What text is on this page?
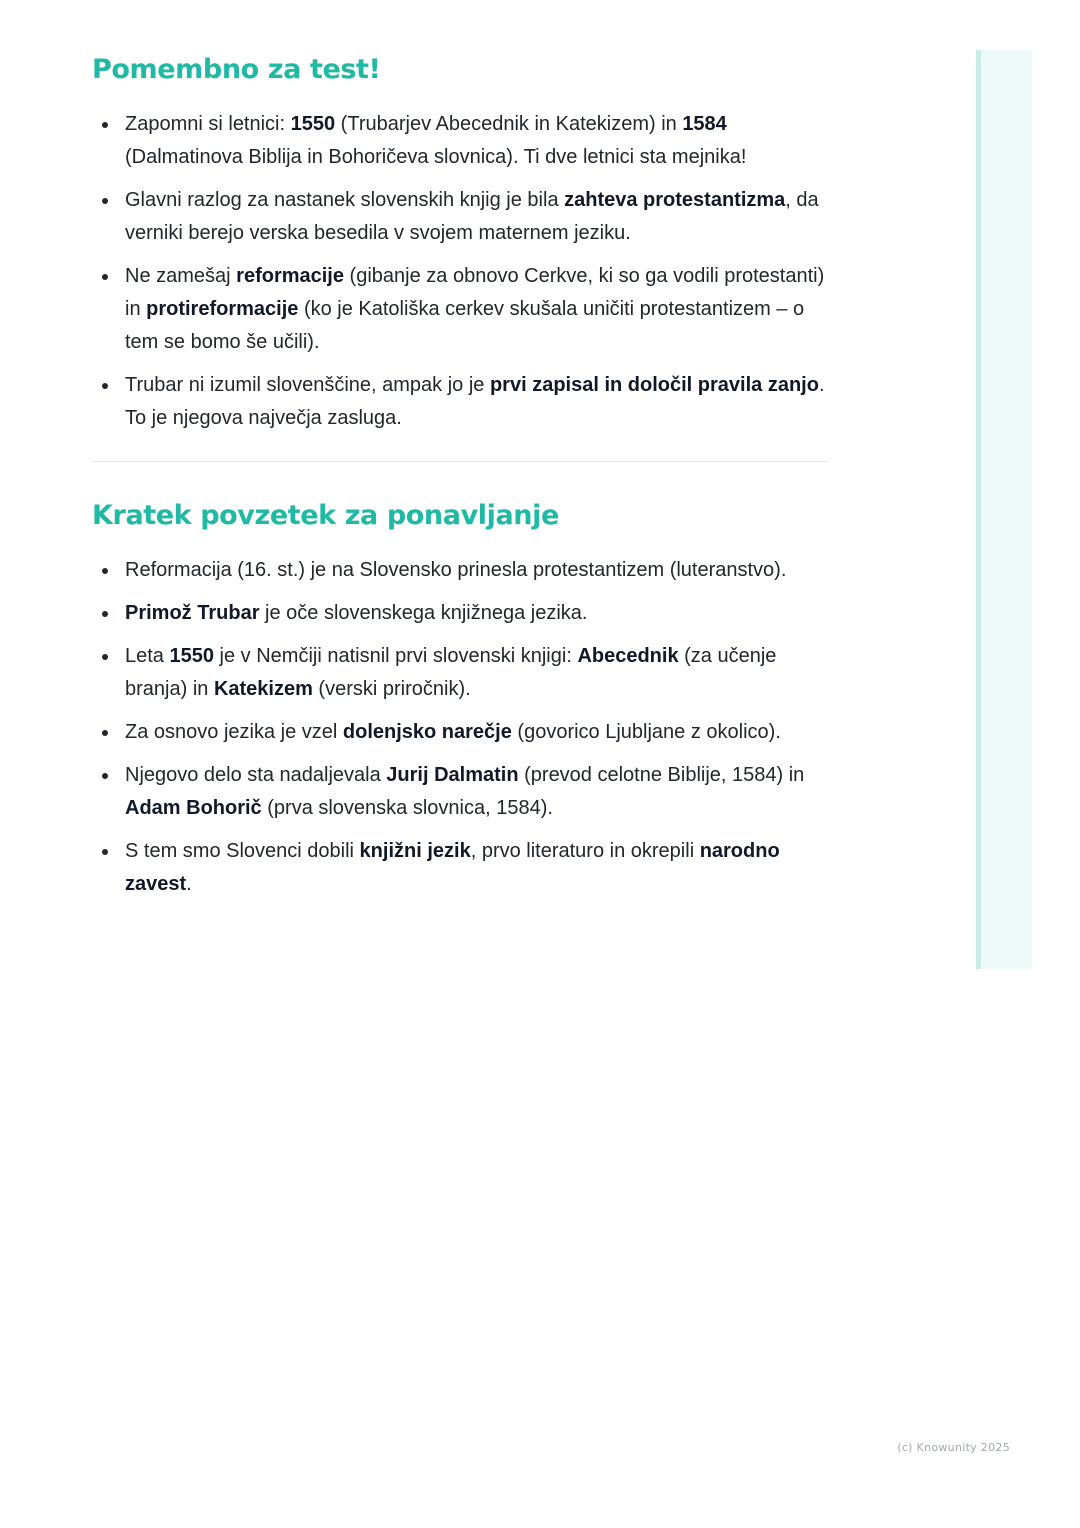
Pomembno za test!
Zapomni si letnici: 1550 (Trubarjev Abecednik in Katekizem) in 1584 (Dalmatinova Biblija in Bohoričeva slovnica). Ti dve letnici sta mejnika!
Glavni razlog za nastanek slovenskih knjig je bila zahteva protestantizma, da verniki berejo verska besedila v svojem maternem jeziku.
Ne zamešaj reformacije (gibanje za obnovo Cerkve, ki so ga vodili protestanti) in protireformacije (ko je Katoliška cerkev skušala uničiti protestantizem – o tem se bomo še učili).
Trubar ni izumil slovenščine, ampak jo je prvi zapisal in določil pravila zanjo. To je njegova največja zasluga.
Kratek povzetek za ponavljanje
Reformacija (16. st.) je na Slovensko prinesla protestantizem (luteranstvo).
Primož Trubar je oče slovenskega knjižnega jezika.
Leta 1550 je v Nemčiji natisnil prvi slovenski knjigi: Abecednik (za učenje branja) in Katekizem (verski priročnik).
Za osnovo jezika je vzel dolenjsko narečje (govorico Ljubljane z okolico).
Njegovo delo sta nadaljevala Jurij Dalmatin (prevod celotne Biblije, 1584) in Adam Bohorič (prva slovenska slovnica, 1584).
S tem smo Slovenci dobili knjižni jezik, prvo literaturo in okrepili narodno zavest.
(c) Knowunity 2025
